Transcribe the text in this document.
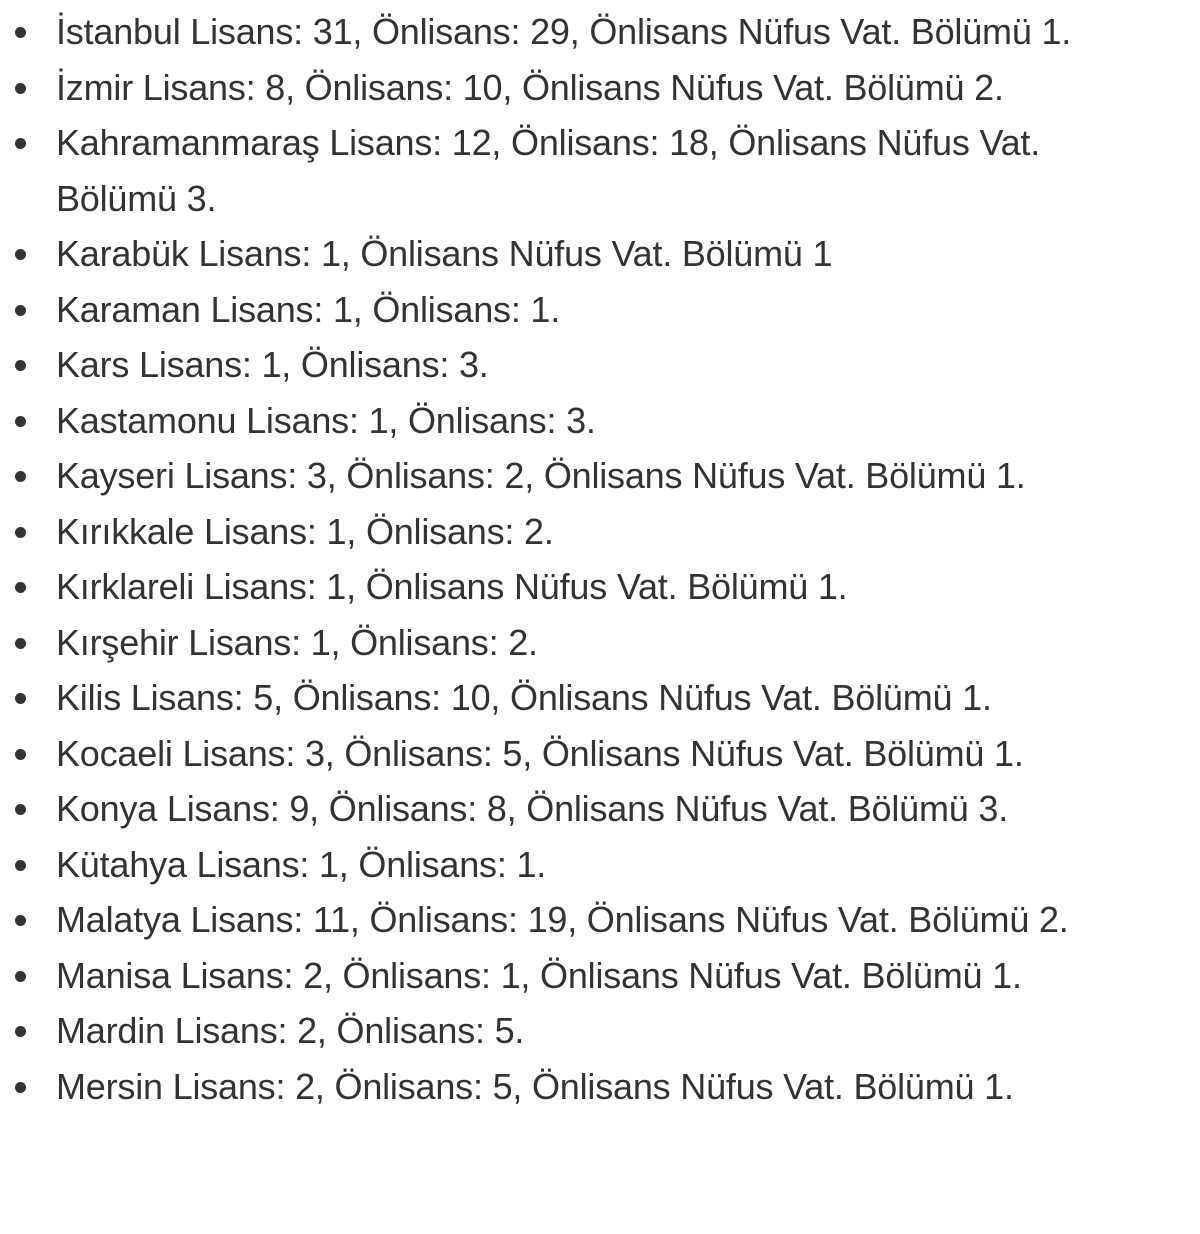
İstanbul Lisans: 31, Önlisans: 29, Önlisans Nüfus Vat. Bölümü 1.
İzmir Lisans: 8, Önlisans: 10, Önlisans Nüfus Vat. Bölümü 2.
Kahramanmaraş Lisans: 12, Önlisans: 18, Önlisans Nüfus Vat. Bölümü 3.
Karabük Lisans: 1, Önlisans Nüfus Vat. Bölümü 1
Karaman Lisans: 1, Önlisans: 1.
Kars Lisans: 1, Önlisans: 3.
Kastamonu Lisans: 1, Önlisans: 3.
Kayseri Lisans: 3, Önlisans: 2, Önlisans Nüfus Vat. Bölümü 1.
Kırıkkale Lisans: 1, Önlisans: 2.
Kırklareli Lisans: 1, Önlisans Nüfus Vat. Bölümü 1.
Kırşehir Lisans: 1, Önlisans: 2.
Kilis Lisans: 5, Önlisans: 10, Önlisans Nüfus Vat. Bölümü 1.
Kocaeli Lisans: 3, Önlisans: 5, Önlisans Nüfus Vat. Bölümü 1.
Konya Lisans: 9, Önlisans: 8, Önlisans Nüfus Vat. Bölümü 3.
Kütahya Lisans: 1, Önlisans: 1.
Malatya Lisans: 11, Önlisans: 19, Önlisans Nüfus Vat. Bölümü 2.
Manisa Lisans: 2, Önlisans: 1, Önlisans Nüfus Vat. Bölümü 1.
Mardin Lisans: 2, Önlisans: 5.
Mersin Lisans: 2, Önlisans: 5, Önlisans Nüfus Vat. Bölümü 1.
